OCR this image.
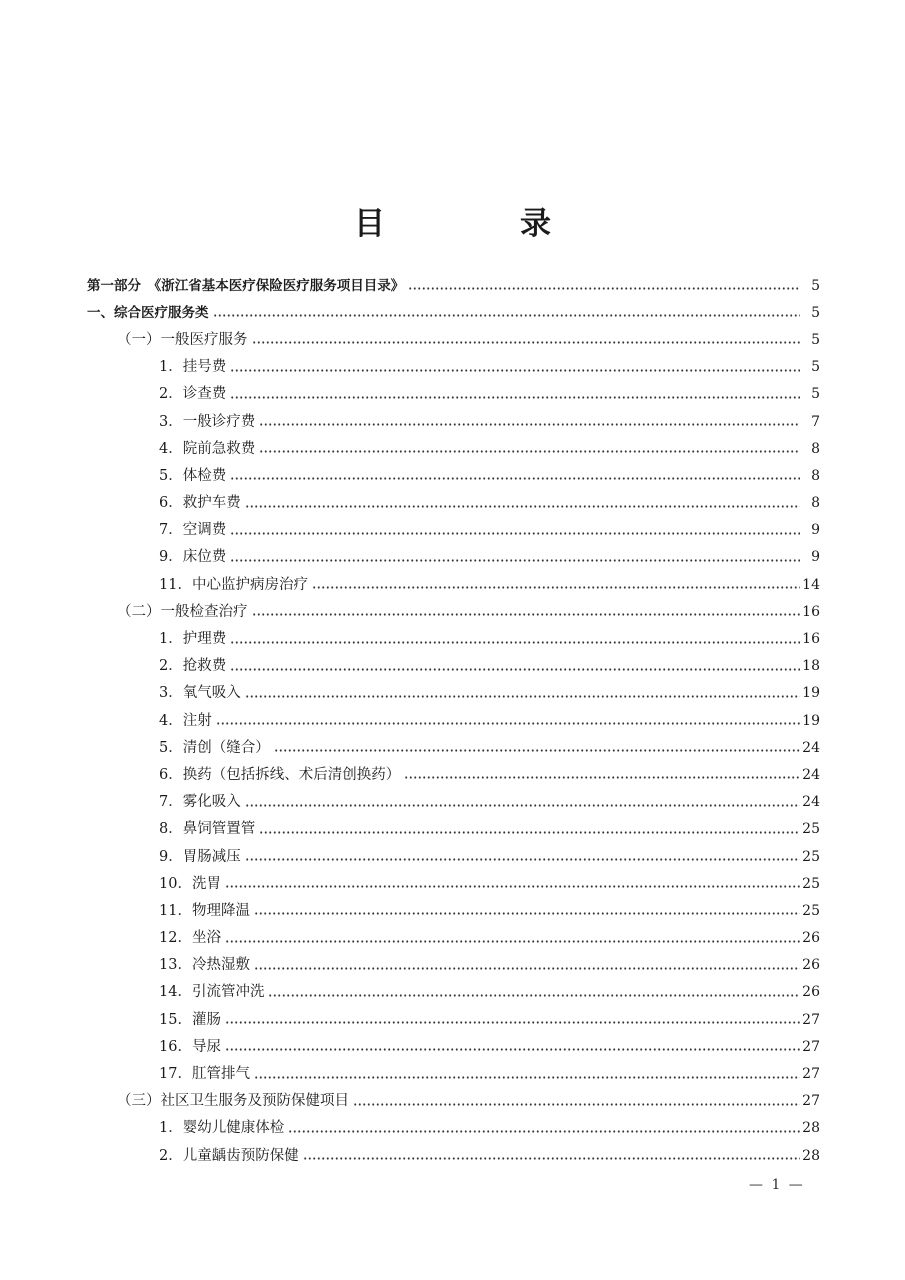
目　录
第一部分　《浙江省基本医疗保险医疗服务项目目录》	5
一、综合医疗服务类	5
（一）一般医疗服务	5
1．挂号费	5
2．诊查费	5
3．一般诊疗费	7
4．院前急救费	8
5．体检费	8
6．救护车费	8
7．空调费	9
9．床位费	9
11．中心监护病房治疗	14
（二）一般检查治疗	16
1．护理费	16
2．抢救费	18
3．氧气吸入	19
4．注射	19
5．清创（缝合）	24
6．换药（包括拆线、术后清创换药）	24
7．雾化吸入	24
8．鼻饲管置管	25
9．胃肠减压	25
10．洗胃	25
11．物理降温	25
12．坐浴	26
13．冷热湿敷	26
14．引流管冲洗	26
15．灌肠	27
16．导尿	27
17．肛管排气	27
（三）社区卫生服务及预防保健项目	27
1．婴幼儿健康体检	28
2．儿童龋齿预防保健	28
— 1 —
